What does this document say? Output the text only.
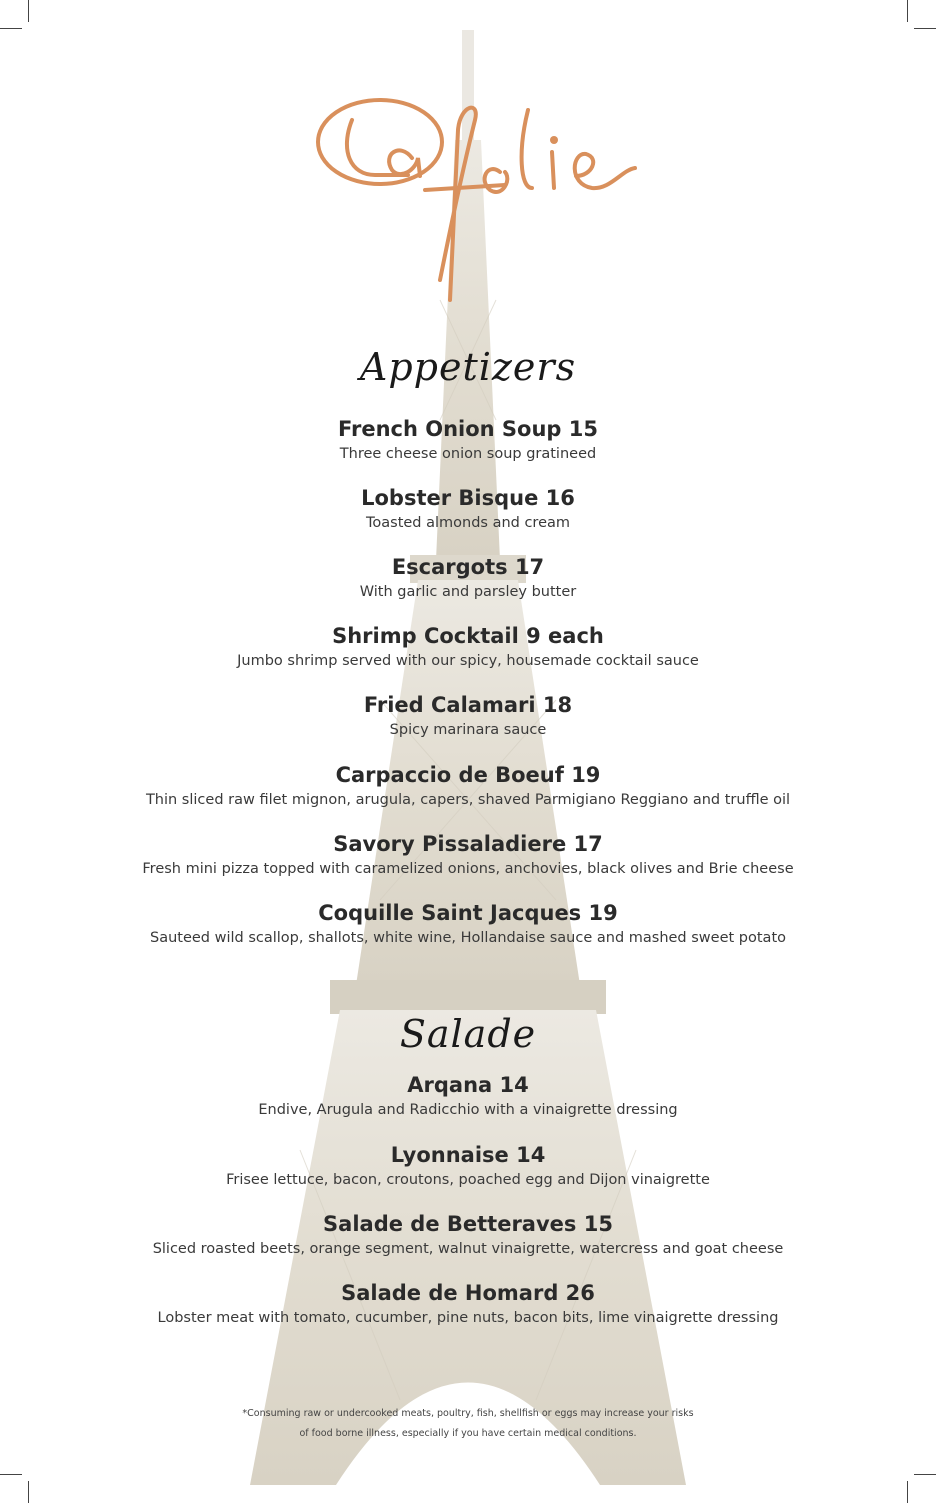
Appetizers
French Onion Soup 15
Three cheese onion soup gratineed
Lobster Bisque 16
Toasted almonds and cream
Escargots 17
With garlic and parsley butter
Shrimp Cocktail 9 each
Jumbo shrimp served with our spicy, housemade cocktail sauce
Fried Calamari 18
Spicy marinara sauce
Carpaccio de Boeuf 19
Thin sliced raw filet mignon, arugula, capers, shaved Parmigiano Reggiano and truffle oil
Savory Pissaladiere 17
Fresh mini pizza topped with caramelized onions, anchovies, black olives and Brie cheese
Coquille Saint Jacques 19
Sauteed wild scallop, shallots, white wine, Hollandaise sauce and mashed sweet potato
Salade
Arqana 14
Endive, Arugula and Radicchio with a vinaigrette dressing
Lyonnaise 14
Frisee lettuce, bacon, croutons, poached egg and Dijon vinaigrette
Salade de Betteraves 15
Sliced roasted beets, orange segment, walnut vinaigrette, watercress and goat cheese
Salade de Homard 26
Lobster meat with tomato, cucumber, pine nuts, bacon bits, lime vinaigrette dressing
*Consuming raw or undercooked meats, poultry, fish, shellfish or eggs may increase your risks
of food borne illness, especially if you have certain medical conditions.
